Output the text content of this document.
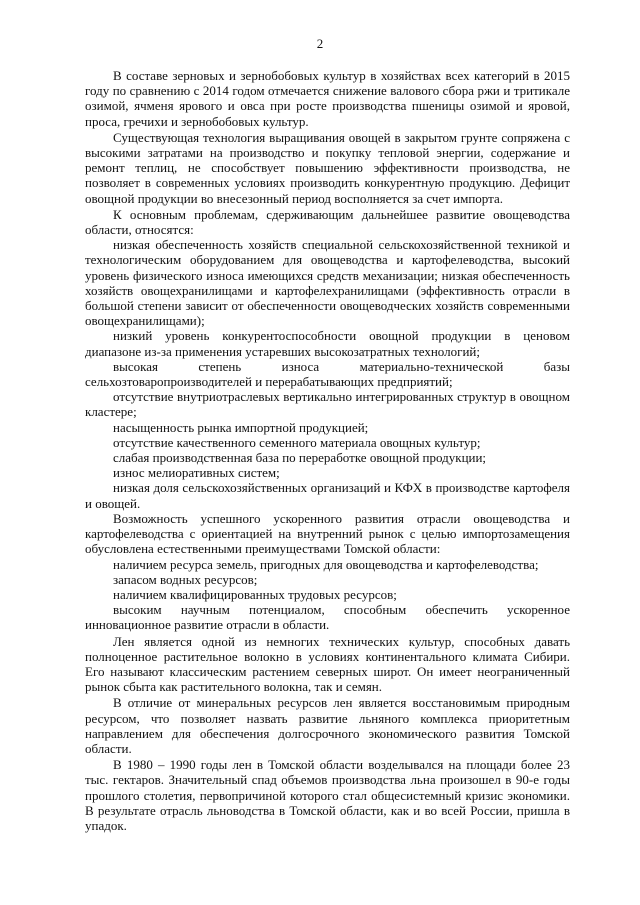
2

В составе зерновых и зернобобовых культур в хозяйствах всех категорий в 2015 году по сравнению с 2014 годом отмечается снижение валового сбора ржи и тритикале озимой, ячменя ярового и овса при росте производства пшеницы озимой и яровой, проса, гречихи и зернобобовых культур.

Существующая технология выращивания овощей в закрытом грунте сопряжена с высокими затратами на производство и покупку тепловой энергии, содержание и ремонт теплиц, не способствует повышению эффективности производства, не позволяет в современных условиях производить конкурентную продукцию. Дефицит овощной продукции во внесезонный период восполняется за счет импорта.

К основным проблемам, сдерживающим дальнейшее развитие овощеводства области, относятся:

низкая обеспеченность хозяйств специальной сельскохозяйственной техникой и технологическим оборудованием для овощеводства и картофелеводства, высокий уровень физического износа имеющихся средств механизации; низкая обеспеченность хозяйств овощехранилищами и картофелехранилищами (эффективность отрасли в большой степени зависит от обеспеченности овощеводческих хозяйств современными овощехранилищами);

низкий уровень конкурентоспособности овощной продукции в ценовом диапазоне из-за применения устаревших высокозатратных технологий;

высокая степень износа материально-технической базы сельхозтоваропроизводителей и перерабатывающих предприятий;

отсутствие внутриотраслевых вертикально интегрированных структур в овощном кластере;

насыщенность рынка импортной продукцией;

отсутствие качественного семенного материала овощных культур;

слабая производственная база по переработке овощной продукции;

износ мелиоративных систем;

низкая доля сельскохозяйственных организаций и КФХ в производстве картофеля и овощей.

Возможность успешного ускоренного развития отрасли овощеводства и картофелеводства с ориентацией на внутренний рынок с целью импортозамещения обусловлена естественными преимуществами Томской области:

наличием ресурса земель, пригодных для овощеводства и картофелеводства;

запасом водных ресурсов;

наличием квалифицированных трудовых ресурсов;

высоким научным потенциалом, способным обеспечить ускоренное инновационное развитие отрасли в области.

Лен является одной из немногих технических культур, способных давать полноценное растительное волокно в условиях континентального климата Сибири. Его называют классическим растением северных широт. Он имеет неограниченный рынок сбыта как растительного волокна, так и семян.

В отличие от минеральных ресурсов лен является восстановимым природным ресурсом, что позволяет назвать развитие льняного комплекса приоритетным направлением для обеспечения долгосрочного экономического развития Томской области.

В 1980 – 1990 годы лен в Томской области возделывался на площади более 23 тыс. гектаров. Значительный спад объемов производства льна произошел в 90-е годы прошлого столетия, первопричиной которого стал общесистемный кризис экономики. В результате отрасль льноводства в Томской области, как и во всей России, пришла в упадок.
